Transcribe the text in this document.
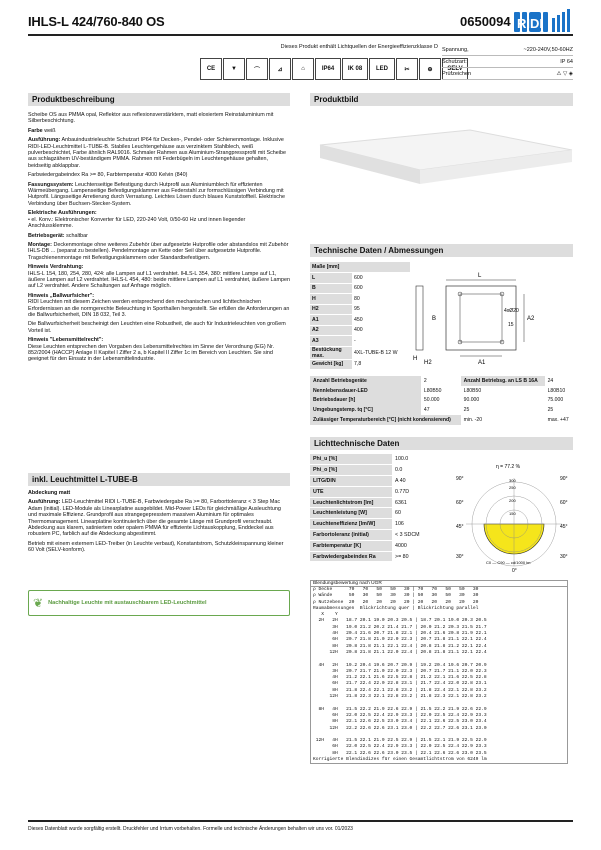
IHLS-L 424/760-840 OS	0650094 RIDI
Dieses Produkt enthält Lichtquellen der Energieeffizienzklasse D
CE	▼	⌒	⊿	⌂	IP64	IK 08	LED	✂	⊕	SELV
Spannung,	~220-240V,50-60HZ
Schutzart:	IP 64
Prüfzeichen	⚠ ▽ ◈
Produktbeschreibung

Scheibe OS aus PMMA opal, Reflektor aus reflexionsverstärktem, matt eloxiertem Reinstaluminium mit Silberbeschichtung.

Farbe weiß

Ausführung: Anbauindustrieleuchte Schutzart IP64 für Decken-, Pendel- oder Schienenmontage. Inklusive RIDI-LED-Leuchtmittel L-TUBE-B. Stabiles Leuchtengehäuse aus verzinktem Stahlblech, weiß pulverbeschichtet, Farbe ähnlich RAL9016. Schmaler Rahmen aus Aluminium-Strangpressprofil mit Scheibe aus schlagzähem UV-beständigem PMMA. Rahmen mit Federbügeln im Leuchtengehäuse gehalten, beidseitig abklappbar.

Farbwiedergabeindex Ra >= 80, Farbtemperatur 4000 Kelvin (840)

Fassungssystem: Leuchtenseitige Befestigung durch Hutprofil aus Aluminiumblech für effizienten Wärmeübergang. Lampenseitige Befestigungsklammer aus Federstahl zur formschlüssigen Verbindung mit Hutprofil. Längsseitige Arretierung durch Verrastung. Leichtes Lösen durch blaues Kunststoffteil. Elektrische Verbindung über Buchsen-Stecker-System.

Elektrische Ausführungen:
• el. Konv.: Elektronischer Konverter für LED, 220-240 Volt, 0/50-60 Hz und innen liegender Anschlussklemme.

Betriebsgerät: schaltbar

Montage: Deckenmontage ohne weiteres Zubehör über aufgesetzte Hutprofile oder abstandslos mit Zubehör IHLS-DB ... (separat zu bestellen). Pendelmontage an Kette oder Seil über aufgesetzte Hutprofile. Tragschienenmontage mit Befestigungsklammern oder Standardbefestigern.

Hinweis Verdrahtung:
IHLS-L 154, 180, 254, 280, 424: alle Lampen auf L1 verdrahtet. IHLS-L 354, 380: mittlere Lampe auf L1, äußere Lampen auf L2 verdrahtet. IHLS-L 454, 480: beide mittlere Lampen auf L1 verdrahtet, äußere Lampen auf L2 verdrahtet. Andere Schaltungen auf Anfrage möglich.

Hinweis „Ballwurfsicher":
RIDI Leuchten mit diesem Zeichen werden entsprechend den mechanischen und lichttechnischen Erfordernissen an die normgerechte Beleuchtung in Sporthallen hergestellt. Sie erfüllen die Anforderungen an die Ballwurfsicherheit, DIN 18 032, Teil 3.

Die Ballwurfsicherheit bescheinigt den Leuchten eine Robustheit, die auch für Industrieleuchten von großem Vorteil ist.

Hinweis "Lebensmittelrecht":
Diese Leuchten entsprechen den Vorgaben des Lebensmittelrechtes im Sinne der Verordnung (EG) Nr. 852/2004 (HACCP) Anlage II Kapitel I Ziffer 2 a, b Kapitel II Ziffer 1c im Bereich von Leuchten. Sie sind geeignet für den Einsatz in der Lebensmittelindustrie.

inkl. Leuchtmittel L-TUBE-B

Abdeckung matt

Ausführung: LED-Leuchtmittel RIDI L-TUBE-B, Farbwiedergabe Ra >= 80, Farborttoleranz < 3 Step Mac Adam (initial). LED-Module als Linearplatine ausgebildet. Mid-Power LEDs für gleichmäßige Ausleuchtung und maximale Effizienz. Grundprofil aus strangegepresstem massiven Aluminium für optimales Thermomanagement. Linearplatine kontinuierlich über die gesamte Länge mit Grundprofil verschraubt. Abdeckung aus klarem, satiniertem oder opalem PMMA für effiziente Lichtauskopplung, Enddeckel aus robustem PC, farblich auf die Abdeckung abgestimmt.

Betrieb mit einem externem LED-Treiber (in Leuchte verbaut), Konstantstrom, Schutzkleinspannung kleiner 60 Volt (SELV-konform).

❦ Nachhaltige Leuchte mit austauschbarem LED-Leuchtmittel
Produktbild
Technische Daten / Abmessungen
Maße [mm]	
L	600
B	600
H	80
H2	95
A1	450
A2	400
A3	-
Bestückung max.	4XL-TUBE-B 12 W
Gewicht [kg]	7,8
L
B	A2
A1
H
H2
4xØ20
15
Anzahl Betriebsgeräte	2	Anzahl Betriebsg. an LS B 16A	24
Nennlebensdauer-LED	L80B50	L80B50	L80B10
Betriebsdauer [h]	50.000	90.000	75.000
Umgebungstemp. tq [°C]	47	25	25
Zulässiger Temperaturbereich [°C] (nicht kondensierend)		min. -20	max. +47
Lichttechnische Daten
Phi_u [%]	100.0
Phi_o [%]	0.0
LITG/DIN	A 40
UTE	0.77D
Leuchtenlichtstrom [lm]	6361
Leuchtenleistung [W]	60
Leuchteneffizienz [lm/W]	106
Farbortoleranz (initial)	< 3 SDCM
Farbtemperatur [K]	4000
Farbwiedergabeindex Ra	>= 80
η = 77.2 %
90°
60°
45°
30°
0°
90°
60°
45°
30°
150
200
250
300
C0 — C90 — cd/1000 lm
Blendungsbewertung nach UGR
ρ Decke      70   70   50   50   30 | 70   70   50   50   30
ρ Wände      50   30   50   30   30 | 50   30   50   30   30
ρ Nutzebene  20   20   20   20   20 | 20   20   20   20   20
Raumabmessungen  Blickrichtung quer | Blickrichtung parallel
X    Y
2H   2H   18.7 20.1 19.0 20.3 20.5 | 18.7 20.1 19.0 20.3 20.5
3H   19.0 21.2 20.2 21.4 21.7 | 20.0 21.2 20.3 21.5 21.7
4H   20.4 21.6 20.7 21.8 22.1 | 20.4 21.6 20.8 21.9 22.1
6H   20.7 21.8 21.0 22.0 22.3 | 20.7 21.8 21.1 22.1 22.4
8H   20.8 21.8 21.1 22.1 22.4 | 20.8 21.8 21.2 22.1 22.4
12H   20.8 21.8 21.1 22.0 22.4 | 20.8 21.8 21.1 22.1 22.4
4H   2H   19.2 20.4 19.6 20.7 20.9 | 19.2 20.4 19.6 20.7 20.9
3H   20.7 21.7 21.0 22.0 22.3 | 20.7 21.7 21.1 22.0 22.3
4H   21.2 22.1 21.6 22.5 22.8 | 21.2 22.1 21.6 22.5 22.8
6H   21.7 22.4 22.0 22.8 23.1 | 21.7 22.4 22.0 22.8 23.1
8H   21.8 22.4 22.1 22.8 23.2 | 21.8 22.4 22.1 22.8 23.2
12H   21.8 22.3 22.1 22.8 23.2 | 21.8 22.3 22.1 22.8 23.2
8H   4H   21.5 22.2 21.9 22.6 22.9 | 21.5 22.2 21.9 22.6 22.9
6H   22.0 22.5 22.4 22.9 23.3 | 22.0 22.5 22.4 22.9 23.3
8H   22.1 22.6 22.5 23.0 23.4 | 22.1 22.6 22.5 23.0 23.4
12H   22.2 22.6 22.6 23.1 23.0 | 22.2 22.7 22.6 23.1 23.0
12H   4H   21.5 22.1 21.9 22.5 22.9 | 21.5 22.1 21.9 22.5 22.9
6H   22.0 22.5 22.4 22.9 23.3 | 22.0 22.5 22.4 22.9 23.3
8H   22.1 22.6 22.6 23.0 23.5 | 22.1 22.6 22.6 23.0 23.5
Korrigierte Blendindizes für einen Gesamtlichtstrom von 6249 lm
Dieses Datenblatt wurde sorgfältig erstellt. Druckfehler und Irrtum vorbehalten. Formelle und technische Änderungen behalten wir uns vor. 01/2023
